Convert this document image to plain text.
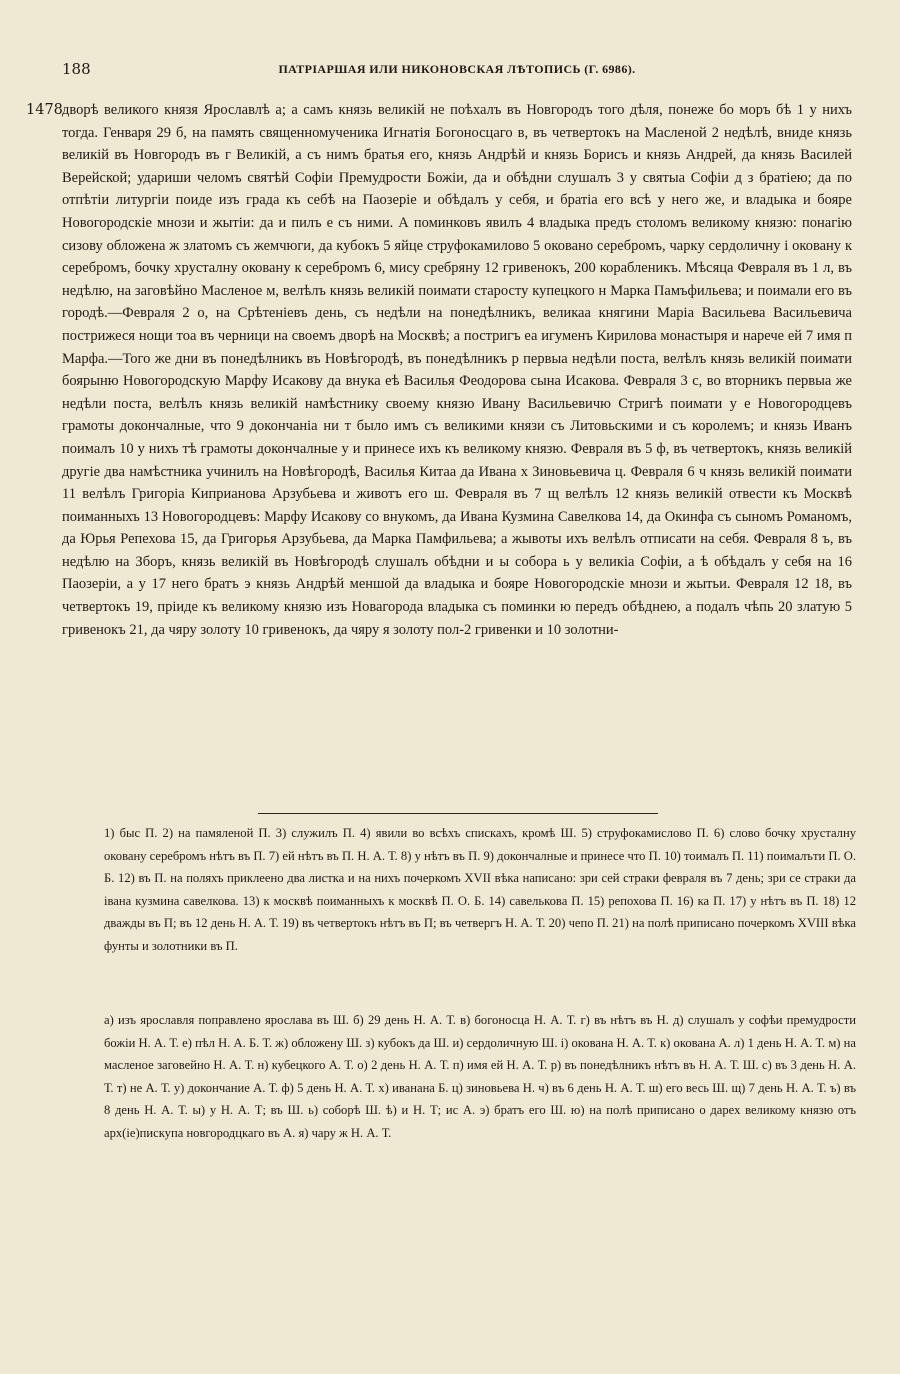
188	ПАТРІАРШАЯ ИЛИ НИКОНОВСКАЯ ЛѢТОПИСЬ (Г. 6986).
1478 дворѣ великого князя Ярославлѣ а; а самъ князь великій не поѣхалъ въ Новгородъ того дѣля, понеже бо моръ бѣ 1 у нихъ тогда. Генваря 29 б, на память священномученика Игнатія Богоносцаго в, въ четвертокъ на Масленой 2 недѣлѣ, вниде князь великій въ Новгородъ въ г Великій, а съ нимъ братья его, князь Андрѣй и князь Борисъ и князь Андрей, да князь Василей Верейской; удариши челомъ святѣй Софіи Премудрости Божіи, да и обѣдни слушалъ 3 у святыа Софіи д з братіею; да по отпѣтіи литургіи поиде изъ града къ себѣ на Паозеріе и обѣдалъ у себя, и братіа его всѣ у него же, и владыка и бояре Новогородскіе мнози и жытіи: да и пилъ е съ ними. А поминковъ явилъ 4 владыка предъ столомъ великому князю: понагію сизову обложена ж златомъ съ жемчюги, да кубокъ 5 яйце струфокамилово 5 оковано серебромъ, чарку сердоличну і оковану к серебромъ, бочку хрусталну оковану к серебромъ 6, мису сребряну 12 гривенокъ, 200 корабленикъ. Мѣсяца Февраля въ 1 л, въ недѣлю, на заговѣйно Масленое м, велѣлъ князь великій поимати старосту купецкого н Марка Памъфильева; и поимали его въ городѣ.—Февраля 2 о, на Срѣтеніевъ день, съ недѣли на понедѣлникъ, великаа княгини Маріа Васильева Васильевича пострижеся нощи тоа въ черници на своемъ дворѣ на Москвѣ; а постригъ еа игуменъ Кирилова монастыря и нарече ей 7 имя п Марфа.—Того же дни въ понедѣлникъ въ Новѣгородѣ, въ понедѣлникъ р первыа недѣли поста, велѣлъ князь великій поимати боярыню Новогородскую Марфу Исакову да внука еѣ Василья Феодорова сына Исакова. Февраля 3 с, во вторникъ первыа же недѣли поста, велѣлъ князь великій намѣстнику своему князю Ивану Васильевичю Стригѣ поимати у е Новогородцевъ грамоты докончалные, что 9 докончаніа ни т было имъ съ великими князи съ Литовьскими и съ королемъ; и князь Иванъ поималъ 10 у нихъ тѣ грамоты докончалные у и принесе ихъ къ великому князю. Февраля въ 5 ф, въ четвертокъ, князь великій другіе два намѣстника учинилъ на Новѣгородѣ, Василья Китаа да Ивана х Зиновьевича ц. Февраля 6 ч князь великій поимати 11 велѣлъ Григоріа Киприанова Арзубьева и животъ его ш. Февраля въ 7 щ велѣлъ 12 князь великій отвести къ Москвѣ поиманныхъ 13 Новогородцевъ: Марфу Исакову со внукомъ, да Ивана Кузмина Савелкова 14, да Окинфа съ сыномъ Романомъ, да Юрья Репехова 15, да Григорья Арзубьева, да Марка Памфильева; а жывоты ихъ велѣлъ отписати на себя. Февраля 8 ъ, въ недѣлю на Зборъ, князь великій въ Новѣгородѣ слушалъ обѣдни и ы собора ь у великіа Софіи, а ѣ обѣдалъ у себя на 16 Паозеріи, а у 17 него братъ э князь Андрѣй меншой да владыка и бояре Новогородскіе мнози и жытьи. Февраля 12 18, въ четвертокъ 19, пріиде къ великому князю изъ Новагорода владыка съ поминки ю передъ обѣднею, а подалъ чѣпь 20 златую 5 гривенокъ 21, да чяру золоту 10 гривенокъ, да чяру я золоту пол-2 гривенки и 10 золотни-

1) быс П. 2) на памяленой П. 3) служилъ П. 4) явили во всѣхъ спискахъ, кромѣ Ш. 5) струфокамислово П. 6) слово бочку хрусталну оковану серебромъ нѣтъ въ П. 7) ей нѣтъ въ П. Н. А. Т. 8) у нѣтъ въ П. 9) докончалные и принесе что П. 10) тоималъ П. 11) поималъти П. О. Б. 12) въ П. на поляхъ приклеено два листка и на нихъ почеркомъ XVII вѣка написано: зри сей страки февраля въ 7 день; зри се страки да івана кузмина савелкова. 13) к москвѣ поиманныхъ к москвѣ П. О. Б. 14) савелькова П. 15) репохова П. 16) ка П. 17) у нѣтъ въ П. 18) 12 дважды въ П; въ 12 день Н. А. Т. 19) въ четвертокъ нѣтъ въ П; въ четвергъ Н. А. Т. 20) чепо П. 21) на полѣ приписано почеркомъ XVIII вѣка фунты и золотники въ П.

а) изъ ярославля поправлено ярослава въ Ш. б) 29 день Н. А. Т. в) богоносца Н. А. Т. г) въ нѣтъ въ Н. д) слушалъ у софѣи премудрости божіи Н. А. Т. е) пѣл Н. А. Б. Т. ж) обложену Ш. з) кубокъ да Ш. и) сердоличную Ш. і) окована Н. А. Т. к) окована А. л) 1 день Н. А. Т. м) на масленое заговейно Н. А. Т. н) кубецкого А. Т. о) 2 день Н. А. Т. п) имя ей Н. А. Т. р) въ понедѣлникъ нѣтъ въ Н. А. Т. Ш. с) въ 3 день Н. А. Т. т) не А. Т. у) докончание А. Т. ф) 5 день Н. А. Т. х) иванана Б. ц) зиновьева Н. ч) въ 6 день Н. А. Т. ш) его весь Ш. щ) 7 день Н. А. Т. ъ) въ 8 день Н. А. Т. ы) у Н. А. Т; въ Ш. ь) соборѣ Ш. ѣ) и Н. Т; ис А. э) братъ его Ш. ю) на полѣ приписано о дарех великому князю отъ арх(іе)пискупа новгородцкаго въ А. я) чару ж Н. А. Т.
